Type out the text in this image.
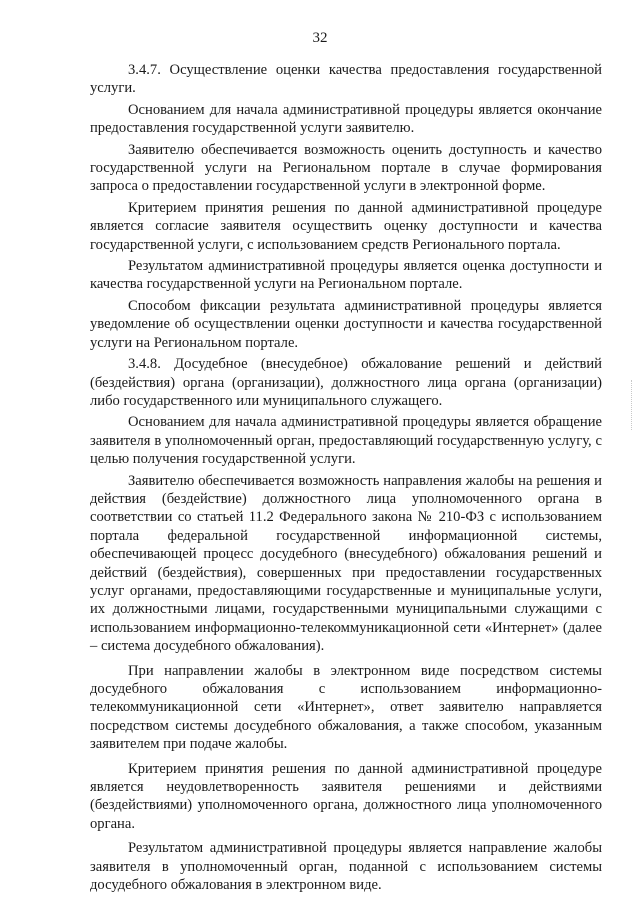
32

3.4.7. Осуществление оценки качества предоставления государственной услуги.

Основанием для начала административной процедуры является окончание предоставления государственной услуги заявителю.

Заявителю обеспечивается возможность оценить доступность и качество государственной услуги на Региональном портале в случае формирования запроса о предоставлении государственной услуги в электронной форме.

Критерием принятия решения по данной административной процедуре является согласие заявителя осуществить оценку доступности и качества государственной услуги, с использованием средств Регионального портала.

Результатом административной процедуры является оценка доступности и качества государственной услуги на Региональном портале.

Способом фиксации результата административной процедуры является уведомление об осуществлении оценки доступности и качества государственной услуги на Региональном портале.

3.4.8. Досудебное (внесудебное) обжалование решений и действий (бездействия) органа (организации), должностного лица органа (организации) либо государственного или муниципального служащего.

Основанием для начала административной процедуры является обращение заявителя в уполномоченный орган, предоставляющий государственную услугу, с целью получения государственной услуги.

Заявителю обеспечивается возможность направления жалобы на решения и действия (бездействие) должностного лица уполномоченного органа в соответствии со статьей 11.2 Федерального закона № 210-ФЗ с использованием портала федеральной государственной информационной системы, обеспечивающей процесс досудебного (внесудебного) обжалования решений и действий (бездействия), совершенных при предоставлении государственных услуг органами, предоставляющими государственные и муниципальные услуги, их должностными лицами, государственными муниципальными служащими с использованием информационно-телекоммуникационной сети «Интернет» (далее – система досудебного обжалования).

При направлении жалобы в электронном виде посредством системы досудебного обжалования с использованием информационно-телекоммуникационной сети «Интернет», ответ заявителю направляется посредством системы досудебного обжалования, а также способом, указанным заявителем при подаче жалобы.

Критерием принятия решения по данной административной процедуре является неудовлетворенность заявителя решениями и действиями (бездействиями) уполномоченного органа, должностного лица уполномоченного органа.

Результатом административной процедуры является направление жалобы заявителя в уполномоченный орган, поданной с использованием системы досудебного обжалования в электронном виде.
